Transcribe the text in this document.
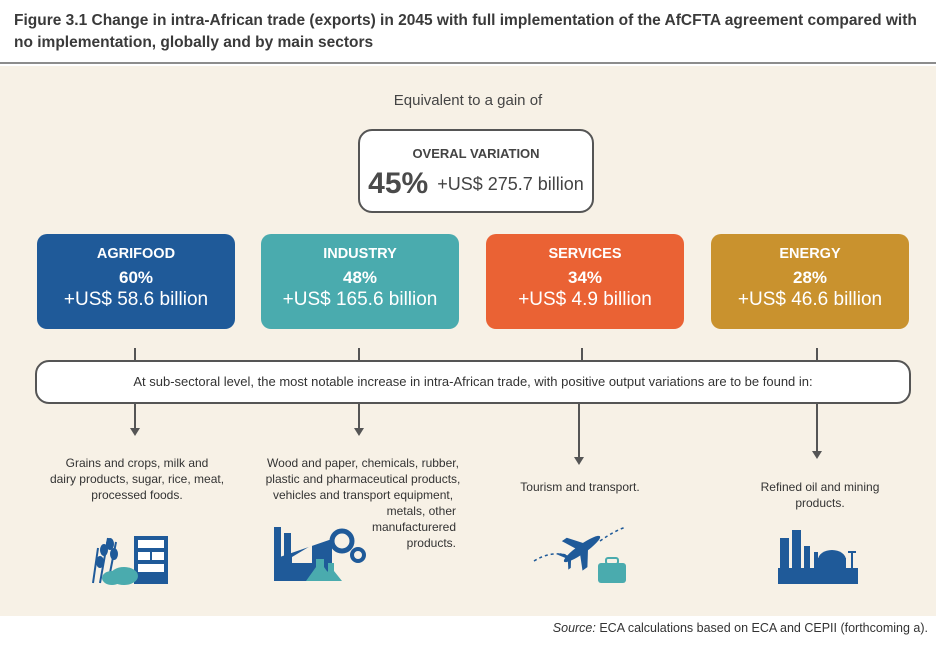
Figure 3.1 Change in intra-African trade (exports) in 2045 with full implementation of the AfCFTA agreement compared with no implementation, globally and by main sectors
Equivalent to a gain of
OVERAL VARIATION
45% +US$ 275.7 billion
AGRIFOOD
60%
+US$ 58.6 billion
INDUSTRY
48%
+US$ 165.6 billion
SERVICES
34%
+US$ 4.9 billion
ENERGY
28%
+US$ 46.6 billion
At sub-sectoral level, the most notable increase in intra-African trade, with positive output variations are to be found in:
Grains and crops, milk and
dairy products, sugar, rice, meat,
processed foods.
Wood and paper, chemicals, rubber,
plastic and pharmaceutical products,
vehicles and transport equipment,
metals, other
manufacturered
products.
Tourism and transport.	Refined oil and mining
products.
Source: ECA calculations based on ECA and CEPII (forthcoming a).
